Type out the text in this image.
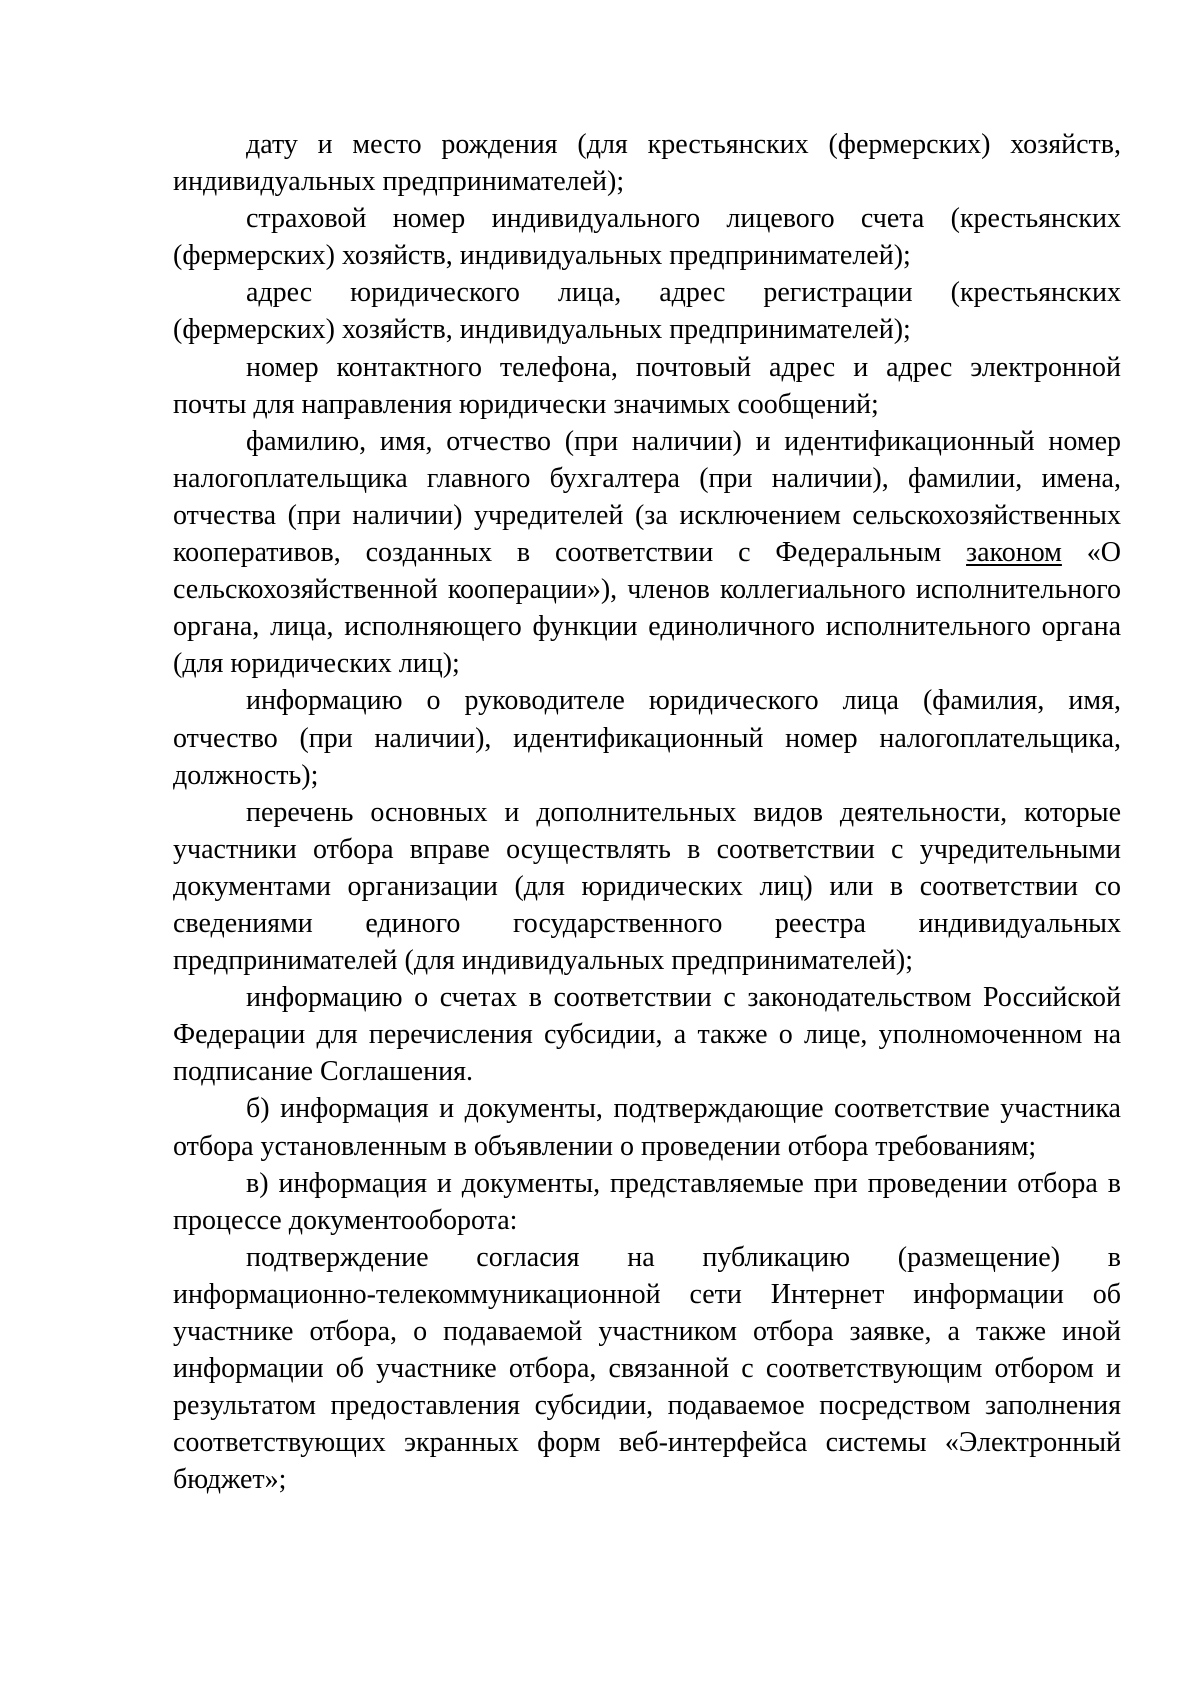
дату и место рождения (для крестьянских (фермерских) хозяйств, индивидуальных предпринимателей);

страховой номер индивидуального лицевого счета (крестьянских (фермерских) хозяйств, индивидуальных предпринимателей);

адрес юридического лица, адрес регистрации (крестьянских (фермерских) хозяйств, индивидуальных предпринимателей);

номер контактного телефона, почтовый адрес и адрес электронной почты для направления юридически значимых сообщений;

фамилию, имя, отчество (при наличии) и идентификационный номер налогоплательщика главного бухгалтера (при наличии), фамилии, имена, отчества (при наличии) учредителей (за исключением сельскохозяйственных кооперативов, созданных в соответствии с Федеральным законом «О сельскохозяйственной кооперации»), членов коллегиального исполнительного органа, лица, исполняющего функции единоличного исполнительного органа (для юридических лиц);

информацию о руководителе юридического лица (фамилия, имя, отчество (при наличии), идентификационный номер налогоплательщика, должность);

перечень основных и дополнительных видов деятельности, которые участники отбора вправе осуществлять в соответствии с учредительными документами организации (для юридических лиц) или в соответствии со сведениями единого государственного реестра индивидуальных предпринимателей (для индивидуальных предпринимателей);

информацию о счетах в соответствии с законодательством Российской Федерации для перечисления субсидии, а также о лице, уполномоченном на подписание Соглашения.

б) информация и документы, подтверждающие соответствие участника отбора установленным в объявлении о проведении отбора требованиям;

в) информация и документы, представляемые при проведении отбора в процессе документооборота:

подтверждение согласия на публикацию (размещение) в информационно-телекоммуникационной сети Интернет информации об участнике отбора, о подаваемой участником отбора заявке, а также иной информации об участнике отбора, связанной с соответствующим отбором и результатом предоставления субсидии, подаваемое посредством заполнения соответствующих экранных форм веб-интерфейса системы «Электронный бюджет»;
